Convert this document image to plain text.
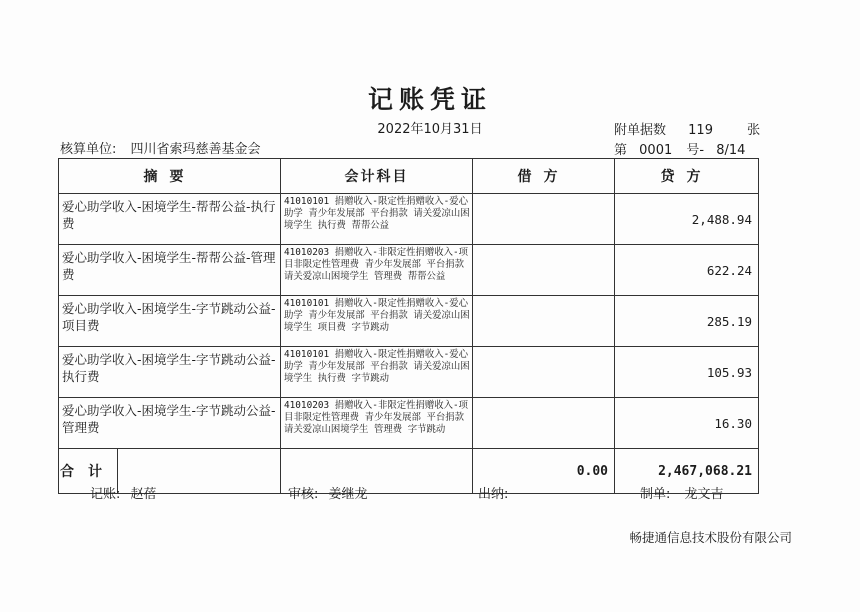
记账凭证
2022年10月31日
核算单位: 四川省索玛慈善基金会
附单据数 119	张
第 0001 号- 8/14
摘要	会计科目	借方	贷方
爱心助学收入-困境学生-帮帮公益-执行费	41010101 捐赠收入-限定性捐赠收入-爱心助学 青少年发展部 平台捐款 请关爱凉山困境学生 执行费 帮帮公益		2,488.94
爱心助学收入-困境学生-帮帮公益-管理费	41010203 捐赠收入-非限定性捐赠收入-项目非限定性管理费 青少年发展部 平台捐款 请关爱凉山困境学生 管理费 帮帮公益		622.24
爱心助学收入-困境学生-字节跳动公益-项目费	41010101 捐赠收入-限定性捐赠收入-爱心助学 青少年发展部 平台捐款 请关爱凉山困境学生 项目费 字节跳动		285.19
爱心助学收入-困境学生-字节跳动公益-执行费	41010101 捐赠收入-限定性捐赠收入-爱心助学 青少年发展部 平台捐款 请关爱凉山困境学生 执行费 字节跳动		105.93
爱心助学收入-困境学生-字节跳动公益-管理费	41010203 捐赠收入-非限定性捐赠收入-项目非限定性管理费 青少年发展部 平台捐款 请关爱凉山困境学生 管理费 字节跳动		16.30

合计		0.00	2,467,068.21
记账: 赵蓓	审核: 姜继龙	出纳:	制单: 龙文吉
畅捷通信息技术股份有限公司
